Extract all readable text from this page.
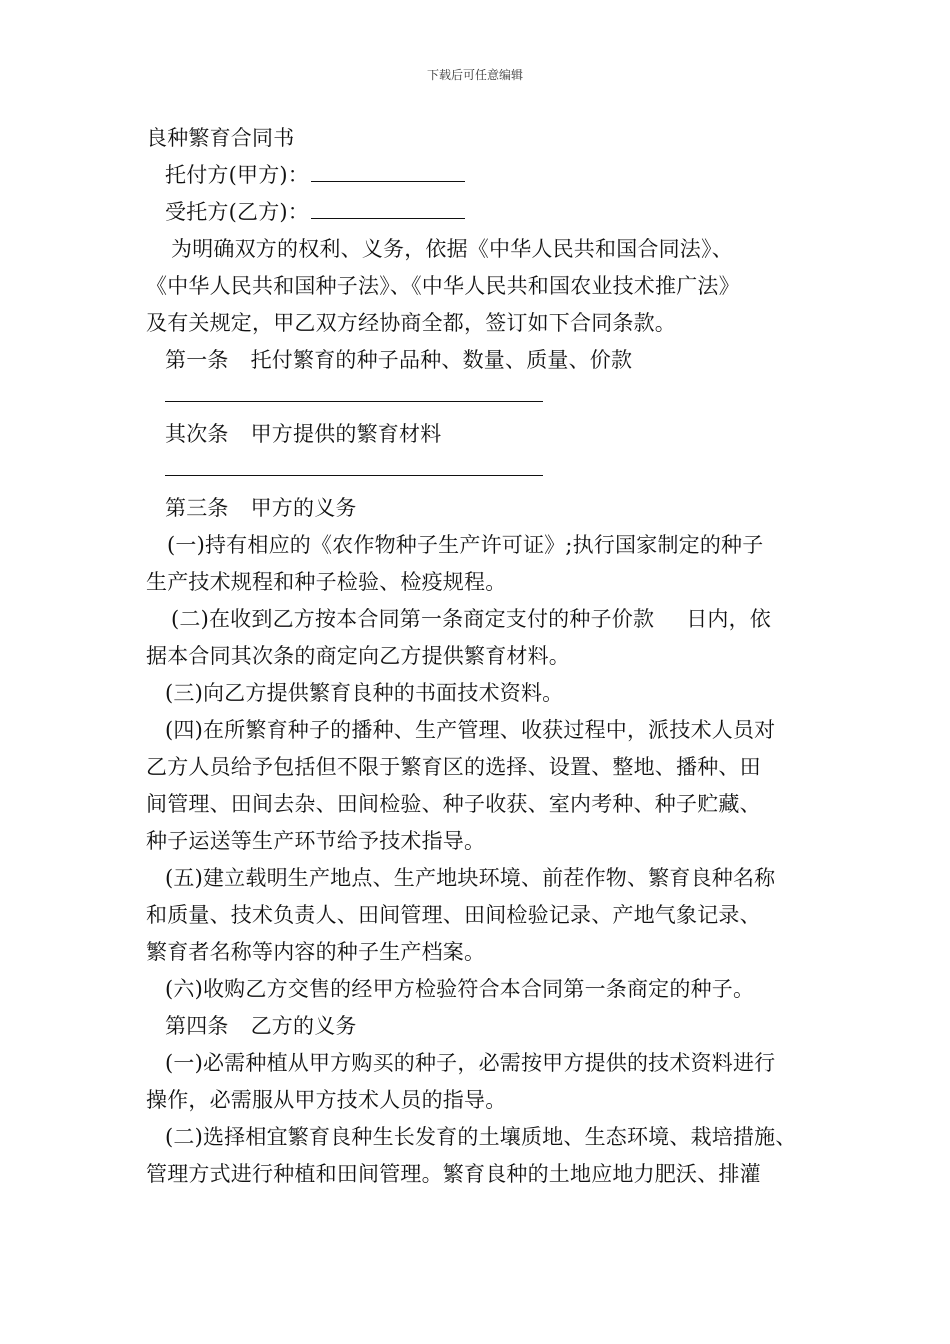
下载后可任意编辑
良种繁育合同书
托付方(甲方)：
受托方(乙方)：
为明确双方的权利、义务，依据《中华人民共和国合同法》、
《中华人民共和国种子法》、《中华人民共和国农业技术推广法》
及有关规定，甲乙双方经协商全都，签订如下合同条款。
第一条 托付繁育的种子品种、数量、质量、价款
其次条 甲方提供的繁育材料
第三条 甲方的义务
(一)持有相应的《农作物种子生产许可证》;执行国家制定的种子
生产技术规程和种子检验、检疫规程。
(二)在收到乙方按本合同第一条商定支付的种子价款 日内，依
据本合同其次条的商定向乙方提供繁育材料。
(三)向乙方提供繁育良种的书面技术资料。
(四)在所繁育种子的播种、生产管理、收获过程中，派技术人员对
乙方人员给予包括但不限于繁育区的选择、设置、整地、播种、田
间管理、田间去杂、田间检验、种子收获、室内考种、种子贮藏、
种子运送等生产环节给予技术指导。
(五)建立载明生产地点、生产地块环境、前茬作物、繁育良种名称
和质量、技术负责人、田间管理、田间检验记录、产地气象记录、
繁育者名称等内容的种子生产档案。
(六)收购乙方交售的经甲方检验符合本合同第一条商定的种子。
第四条 乙方的义务
(一)必需种植从甲方购买的种子，必需按甲方提供的技术资料进行
操作，必需服从甲方技术人员的指导。
(二)选择相宜繁育良种生长发育的土壤质地、生态环境、栽培措施、
管理方式进行种植和田间管理。繁育良种的土地应地力肥沃、排灌
